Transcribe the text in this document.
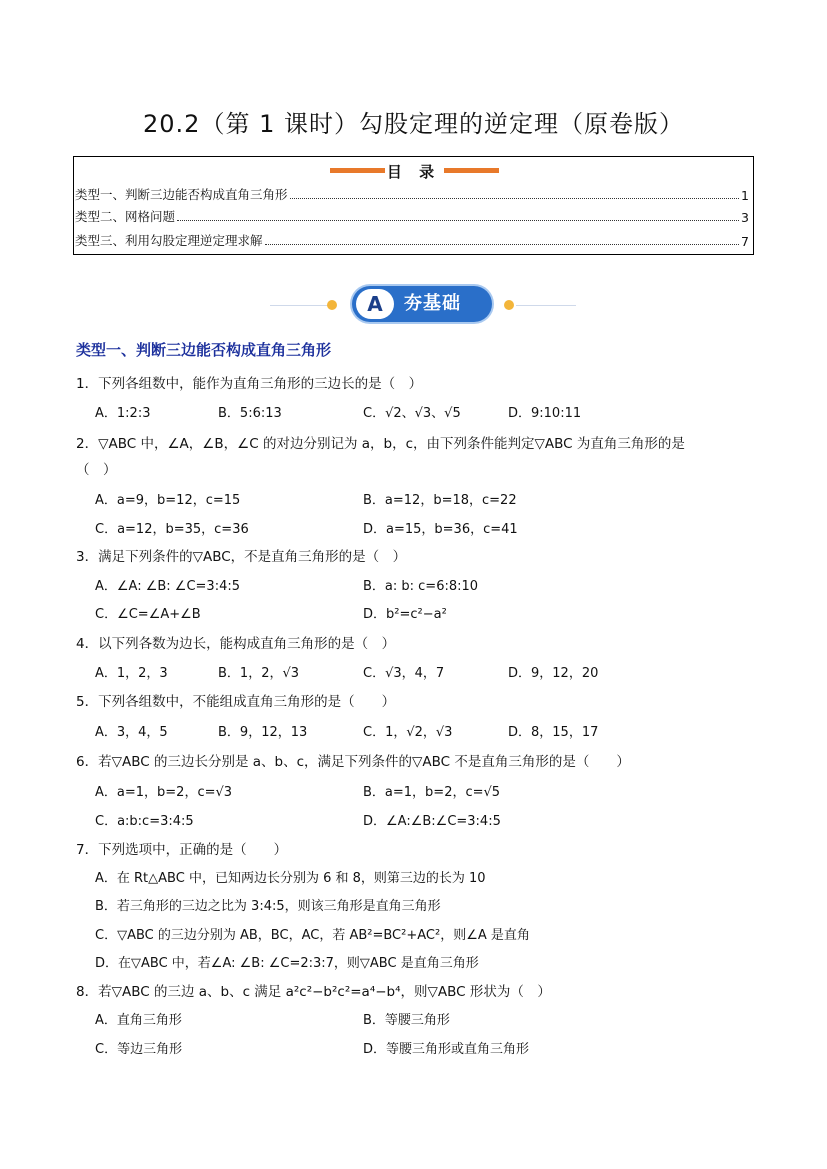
20.2（第 1 课时）勾股定理的逆定理（原卷版）
目 录
类型一、判断三边能否构成直角三角形	1
类型二、网格问题	3
类型三、利用勾股定理逆定理求解	7
A	夯基础
类型一、判断三边能否构成直角三角形
1．下列各组数中，能作为直角三角形的三边长的是（　）
A．1:2:3	B．5:6:13	C．√2、√3、√5	D．9:10:11
2．▽ABC 中，∠A，∠B，∠C 的对边分别记为 a，b，c，由下列条件能判定▽ABC 为直角三角形的是
（　）
A．a=9，b=12，c=15	B．a=12，b=18，c=22
C．a=12，b=35，c=36	D．a=15，b=36，c=41
3．满足下列条件的▽ABC，不是直角三角形的是（　）
A．∠A: ∠B: ∠C=3:4:5	B．a: b: c=6:8:10
C．∠C=∠A+∠B	D．b²=c²−a²
4．以下列各数为边长，能构成直角三角形的是（　）
A．1，2，3	B．1，2，√3	C．√3，4，7	D．9，12，20
5．下列各组数中，不能组成直角三角形的是（　　）
A．3，4，5	B．9，12，13	C．1，√2，√3	D．8，15，17
6．若▽ABC 的三边长分别是 a、b、c，满足下列条件的▽ABC 不是直角三角形的是（　　）
A．a=1，b=2，c=√3	B．a=1，b=2，c=√5
C．a:b:c=3:4:5	D．∠A:∠B:∠C=3:4:5
7．下列选项中，正确的是（　　）
A．在 Rt△ABC 中，已知两边长分别为 6 和 8，则第三边的长为 10
B．若三角形的三边之比为 3:4:5，则该三角形是直角三角形
C．▽ABC 的三边分别为 AB，BC，AC，若 AB²=BC²+AC²，则∠A 是直角
D．在▽ABC 中，若∠A: ∠B: ∠C=2:3:7，则▽ABC 是直角三角形
8．若▽ABC 的三边 a、b、c 满足 a²c²−b²c²=a⁴−b⁴，则▽ABC 形状为（　）
A．直角三角形	B．等腰三角形
C．等边三角形	D．等腰三角形或直角三角形
